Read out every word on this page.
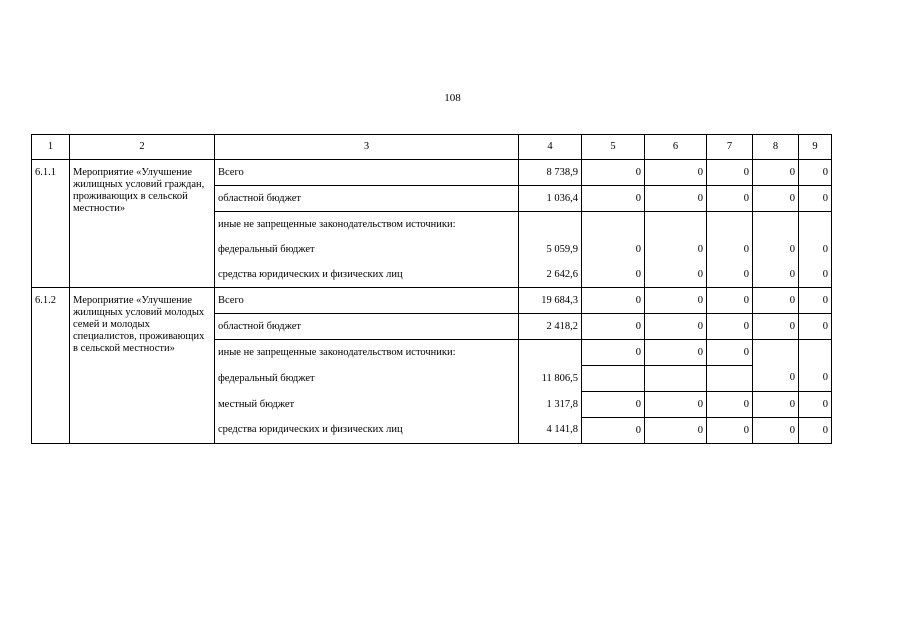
108
1	2	3	4	5	6	7	8	9
6.1.1	Мероприятие «Улучшение жилищных условий граждан, проживающих в сельской местности»	Всего	8 738,9	0	0	0	0	0
		областной бюджет	1 036,4	0	0	0	0	0
		иные не запрещенные законодательством источники:						
		федеральный бюджет	5 059,9	0	0	0	0	0
		средства юридических и физических лиц	2 642,6	0	0	0	0	0
6.1.2	Мероприятие «Улучшение жилищных условий молодых семей и молодых специалистов, проживающих в сельской местности»	Всего	19 684,3	0	0	0	0	0
		областной бюджет	2 418,2	0	0	0	0	0
		иные не запрещенные законодательством источники:		0	0	0		
		федеральный бюджет	11 806,5				0	0
		местный бюджет	1 317,8	0	0	0	0	0
		средства юридических и физических лиц	4 141,8	0	0	0	0	0
